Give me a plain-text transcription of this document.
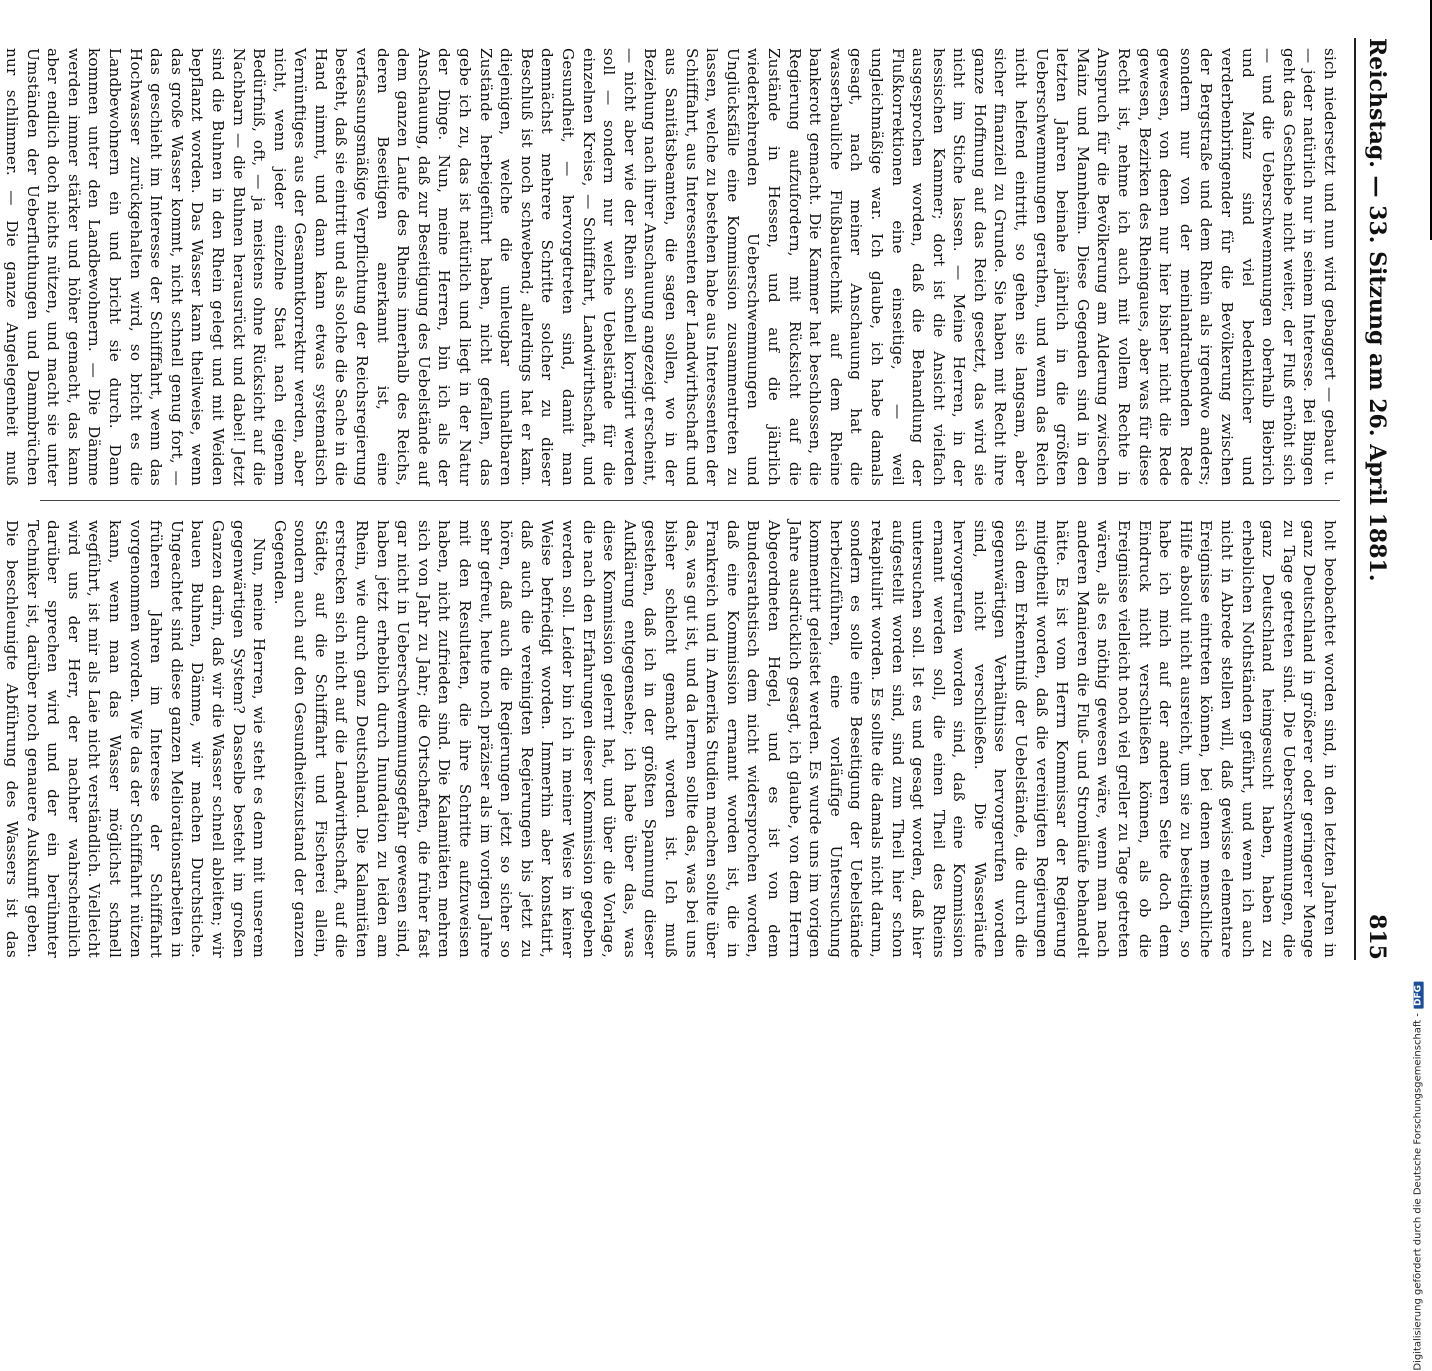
Reichstag. — 33. Sitzung am 26. April 1881.
815

sich niedersetzt und nun wird gebaggert — gebaut u. — jeder natürlich nur in seinem Interesse. Bei Bingen geht das Geschiebe nicht weiter, der Fluß erhöht sich — und die Ueberschwemmungen oberhalb Biebrich und Mainz sind viel bedenklicher und verderbenbringender für die Bevölkerung zwischen der Bergstraße und dem Rhein als irgendwo anders; sondern nur von der meinlandraubenden Rede gewesen, von denen nur hier bisher nicht die Rede gewesen, Bezirken des Rheingaues, aber was für diese Recht ist, nehme ich auch mit vollem Rechte in Anspruch für die Bevölkerung am Alderung zwischen Mainz und Mannheim. Diese Gegenden sind in den letzten Jahren beinahe jährlich in die größten Ueberschwemmungen gerathen, und wenn das Reich nicht helfend eintritt, so gehen sie langsam, aber sicher finanziell zu Grunde. Sie haben mit Recht ihre ganze Hoffnung auf das Reich gesetzt, das wird sie nicht im Stiche lassen. — Meine Herren, in der hessischen Kammer; dort ist die Ansicht vielfach ausgesprochen worden, daß die Behandlung der Flußkorrektionen eine einseitige, — weil ungleichmäßige war. Ich glaube, ich habe damals gesagt, nach meiner Anschauung hat die wasserbauliche Flußbautechnik auf dem Rheine bankerott gemacht. Die Kammer hat beschlossen, die Regierung aufzufordern, mit Rücksicht auf die Zustände in Hessen, und auf die jährlich wiederkehrenden Ueberschwemmungen und Unglücksfälle eine Kommission zusammentreten zu lassen, welche zu bestehen habe aus Interessenten der Schifffahrt, aus Interessenten der Landwirthschaft und aus Sanitätsbeamten, die sagen sollen, wo in der Beziehung nach ihrer Anschauung angezeigt erscheint, — nicht aber wie der Rhein schnell korrigirt werden soll — sondern nur welche Uebelstände für die einzelnen Kreise, — Schifffahrt, Landwirthschaft, und Gesundheit, — hervorgetreten sind, damit man demnächst mehrere Schritte solcher zu dieser Beschluß ist noch schwebend; allerdings hat er kam. diejenigen, welche die unleugbar unhaltbaren Zustände herbeigeführt haben, nicht gefallen, das gebe ich zu, das ist natürlich und liegt in der Natur der Dinge. Nun, meine Herren, bin ich als der Anschauung, daß zur Beseitigung des Uebelstände auf dem ganzen Laufe des Rheins innerhalb des Reichs, deren Beseitigen anerkannt ist, eine verfassungsmäßige Verpflichtung der Reichsregierung besteht, daß sie eintritt und als solche die Sache in die Hand nimmt, und dann kann etwas systematisch Vernünftiges aus der Gesammtkorrektur werden, aber nicht, wenn jeder einzelne Staat nach eigenem Bedürfniß, oft, — ja meistens ohne Rücksicht auf die Nachbarn — die Buhnen herausrückt und dabei! Jetzt sind die Buhnen in den Rhein gelegt und mit Weiden bepflanzt worden. Das Wasser kann theilweise, wenn das große Wasser kommt, nicht schnell genug fort, — das geschieht im Interesse der Schifffahrt, wenn das Hochwasser zurückgehalten wird, so bricht es die Landbewohnern ein und bricht sie durch. Dann kommen unter den Landbewohnern. — Die Dämme werden immer stärker und höher gemacht, das kann aber endlich doch nichts nützen, und macht sie unter Umständen der Ueberfluthungen und Dammbrüchen nur schlimmer. — Die ganze Angelegenheit muß

holt beobachtet worden sind, in den letzten Jahren in ganz Deutschland in größerer oder geringerer Menge zu Tage getreten sind. Die Ueberschwemmungen, die ganz Deutschland heimgesucht haben, haben zu erheblichen Nothständen geführt, und wenn ich auch nicht in Abrede stellen will, daß gewisse elementare Ereignisse eintreten können, bei denen menschliche Hilfe absolut nicht ausreicht, um sie zu beseitigen, so habe ich mich auf der anderen Seite doch dem Eindruck nicht verschließen können, als ob die Ereignisse vielleicht noch viel greller zu Tage getreten wären, als es nöthig gewesen wäre, wenn man nach anderen Manieren die Fluß- und Stromläufe behandelt hätte. Es ist vom Herrn Kommissar der Regierung mitgetheilt worden, daß die vereinigten Regierungen sich dem Erkenntniß der Uebelstände, die durch die gegenwärtigen Verhältnisse hervorgerufen worden sind, nicht verschließen. Die Wasserläufe hervorgerufen worden sind, daß eine Kommission ernannt werden soll, die einen Theil des Rheins untersuchen soll. Ist es und gesagt worden, daß hier aufgestellt worden sind, sind zum Theil hier schon rekapitulirt worden. Es sollte die damals nicht darum, sondern es solle eine Beseitigung der Uebelstände herbeizuführen, eine vorläufige Untersuchung kommentirt geleistet werden. Es wurde uns im vorigen Jahre ausdrücklich gesagt, ich glaube, von dem Herrn Abgeordneten Hegel, und es ist von dem Bundesrathstisch dem nicht widersprochen worden, daß eine Kommission ernannt worden ist, die in Frankreich und in Amerika Studien machen sollte über das, was gut ist, und da lernen sollte das, was bei uns bisher schlecht gemacht worden ist. Ich muß gestehen, daß ich in der größten Spannung dieser Aufklärung entgegensehe; ich habe über das, was diese Kommission gelernt hat, und über die Vorlage, die nach den Erfahrungen dieser Kommission gegeben werden soll. Leider bin ich in meiner Weise in keiner Weise befriedigt worden. Immerhin aber konstatirt, daß auch die vereinigten Regierungen bis jetzt zu hören, daß auch die Regierungen jetzt so sicher so sehr gefreut, heute noch präziser als im vorigen Jahre mit den Resultaten, die ihre Schritte aufzuweisen haben, nicht zufrieden sind. Die Kalamitäten mehren sich von Jahr zu Jahr; die Ortschaften, die früher fast gar nicht in Ueberschwemmungsgefahr gewesen sind, haben jetzt erheblich durch Inundation zu leiden am Rhein, wie durch ganz Deutschland. Die Kalamitäten erstrecken sich nicht auf die Landwirthschaft, auf die Städte, auf die Schifffahrt und Fischerei allein, sondern auch auf den Gesundheitszustand der ganzen Gegenden.

Nun, meine Herren, wie steht es denn mit unserem gegenwärtigen System? Dasselbe besteht im großen Ganzen darin, daß wir die Wasser schnell ableiten; wir bauen Buhnen, Dämme, wir machen Durchstiche. Ungeachtet sind diese ganzen Meliorationsarbeiten in früheren Jahren im Interesse der Schifffahrt vorgenommen worden. Wie das der Schifffahrt nützen kann, wenn man das Wasser möglichst schnell wegführt, ist mir als Laie nicht verständlich. Vielleicht wird uns der Herr, der nachher wahrscheinlich darüber sprechen wird und der ein berühmter Techniker ist, darüber noch genauere Auskunft geben. Die beschleunigte Abführung des Wassers ist das

Digitalisierung gefördert durch die Deutsche Forschungsgemeinschaft -DFG
